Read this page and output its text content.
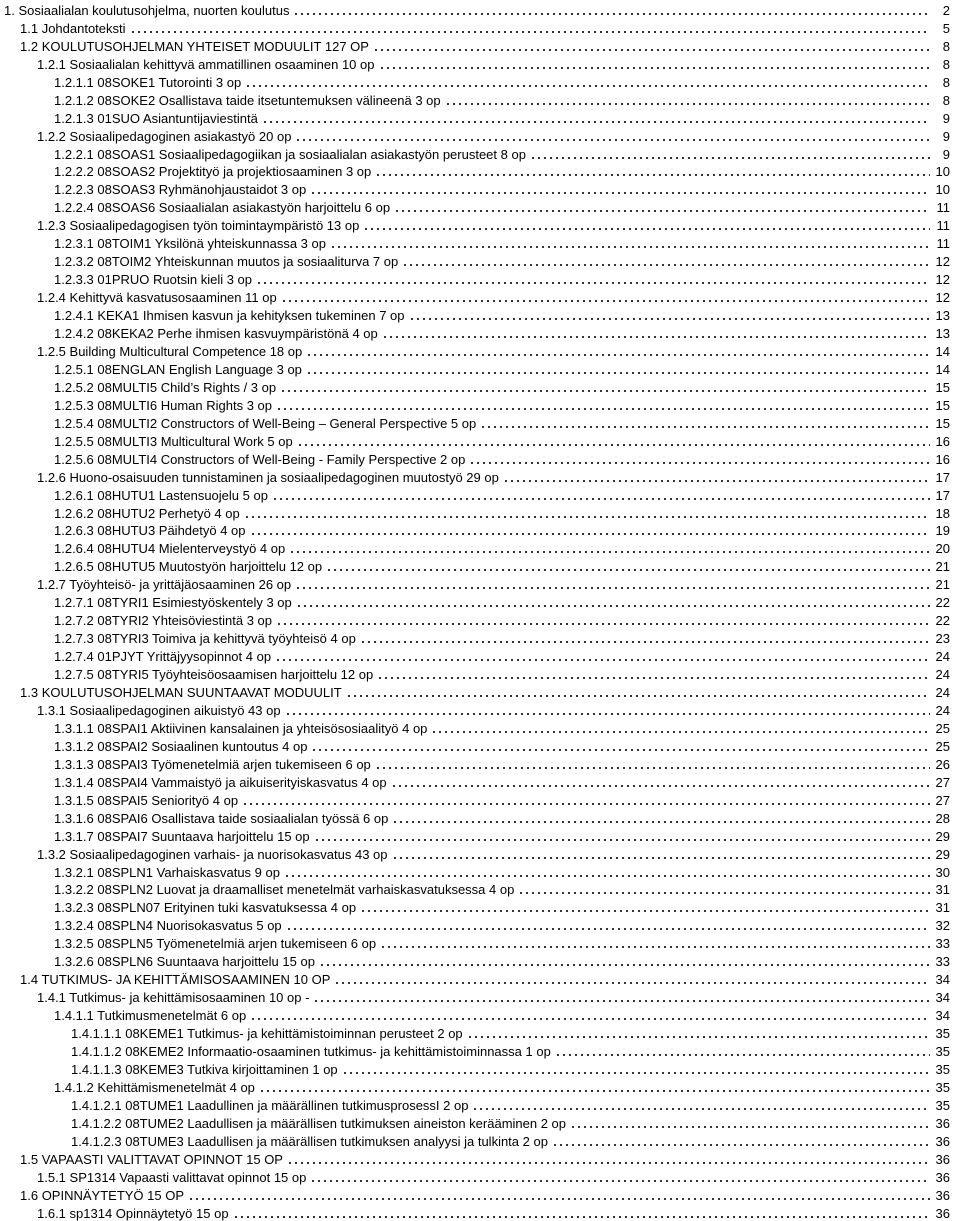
1. Sosiaalialan koulutusohjelma, nuorten koulutus	2
1.1 Johdantoteksti	5
1.2 KOULUTUSOHJELMAN YHTEISET MODUULIT 127 OP	8
1.2.1 Sosiaalialan kehittyvä ammatillinen osaaminen 10 op	8
1.2.1.1 08SOKE1 Tutorointi 3 op	8
1.2.1.2 08SOKE2 Osallistava taide itsetuntemuksen välineenä 3 op	8
1.2.1.3 01SUO Asiantuntijaviestintä	9
1.2.2 Sosiaalipedagoginen asiakastyö 20 op	9
1.2.2.1 08SOAS1 Sosiaalipedagogiikan ja sosiaalialan asiakastyön perusteet 8 op	9
1.2.2.2 08SOAS2 Projektityö ja projektiosaaminen 3 op	10
1.2.2.3 08SOAS3 Ryhmänohjaustaidot 3 op	10
1.2.2.4 08SOAS6 Sosiaalialan asiakastyön harjoittelu 6 op	11
1.2.3 Sosiaalipedagogisen työn toimintaympäristö 13 op	11
1.2.3.1 08TOIM1 Yksilönä yhteiskunnassa 3 op	11
1.2.3.2 08TOIM2 Yhteiskunnan muutos ja sosiaaliturva 7 op	12
1.2.3.3 01PRUO Ruotsin kieli 3 op	12
1.2.4 Kehittyvä kasvatusosaaminen 11 op	12
1.2.4.1 KEKA1 Ihmisen kasvun ja kehityksen tukeminen 7 op	13
1.2.4.2 08KEKA2 Perhe ihmisen kasvuympäristönä 4 op	13
1.2.5 Building Multicultural Competence 18 op	14
1.2.5.1 08ENGLAN English Language 3 op	14
1.2.5.2 08MULTI5 Child’s Rights / 3 op	15
1.2.5.3 08MULTI6 Human Rights 3 op	15
1.2.5.4 08MULTI2 Constructors of Well-Being – General Perspective 5 op	15
1.2.5.5 08MULTI3 Multicultural Work 5 op	16
1.2.5.6 08MULTI4 Constructors of Well-Being - Family Perspective 2 op	16
1.2.6 Huono-osaisuuden tunnistaminen ja sosiaalipedagoginen muutostyö 29 op	17
1.2.6.1 08HUTU1 Lastensuojelu 5 op	17
1.2.6.2 08HUTU2 Perhetyö 4 op	18
1.2.6.3 08HUTU3 Päihdetyö 4 op	19
1.2.6.4 08HUTU4 Mielenterveystyö 4 op	20
1.2.6.5 08HUTU5 Muutostyön harjoittelu 12 op	21
1.2.7 Työyhteisö- ja yrittäjäosaaminen 26 op	21
1.2.7.1 08TYRI1 Esimiestyöskentely 3 op	22
1.2.7.2 08TYRI2 Yhteisöviestintä 3 op	22
1.2.7.3 08TYRI3 Toimiva ja kehittyvä työyhteisö 4 op	23
1.2.7.4 01PJYT Yrittäjyysopinnot 4 op	24
1.2.7.5 08TYRI5 Työyhteisöosaamisen harjoittelu 12 op	24
1.3 KOULUTUSOHJELMAN SUUNTAAVAT MODUULIT	24
1.3.1 Sosiaalipedagoginen aikuistyö 43 op	24
1.3.1.1 08SPAI1 Aktiivinen kansalainen ja yhteisösosiaalityö 4 op	25
1.3.1.2 08SPAI2 Sosiaalinen kuntoutus 4 op	25
1.3.1.3 08SPAI3 Työmenetelmiä arjen tukemiseen 6 op	26
1.3.1.4 08SPAI4 Vammaistyö ja aikuiserityiskasvatus 4 op	27
1.3.1.5 08SPAI5 Seniorityö 4 op	27
1.3.1.6 08SPAI6 Osallistava taide sosiaalialan työssä 6 op	28
1.3.1.7 08SPAI7 Suuntaava harjoittelu 15 op	29
1.3.2 Sosiaalipedagoginen varhais- ja nuorisokasvatus 43 op	29
1.3.2.1 08SPLN1 Varhaiskasvatus 9 op	30
1.3.2.2 08SPLN2 Luovat ja draamalliset menetelmät varhaiskasvatuksessa 4 op	31
1.3.2.3 08SPLN07 Erityinen tuki kasvatuksessa 4 op	31
1.3.2.4 08SPLN4 Nuorisokasvatus 5 op	32
1.3.2.5 08SPLN5 Työmenetelmiä arjen tukemiseen 6 op	33
1.3.2.6 08SPLN6 Suuntaava harjoittelu 15 op	33
1.4 TUTKIMUS- JA KEHITTÄMISOSAAMINEN 10 OP	34
1.4.1 Tutkimus- ja kehittämisosaaminen 10 op -	34
1.4.1.1 Tutkimusmenetelmät 6 op	34
1.4.1.1.1 08KEME1 Tutkimus- ja kehittämistoiminnan perusteet 2 op	35
1.4.1.1.2 08KEME2 Informaatio-osaaminen tutkimus- ja kehittämistoiminnassa 1 op	35
1.4.1.1.3 08KEME3 Tutkiva kirjoittaminen 1 op	35
1.4.1.2 Kehittämismenetelmät 4 op	35
1.4.1.2.1 08TUME1 Laadullinen ja määrällinen tutkimusprosessI 2 op	35
1.4.1.2.2 08TUME2 Laadullisen ja määrällisen tutkimuksen aineiston kerääminen 2 op	36
1.4.1.2.3 08TUME3 Laadullisen ja määrällisen tutkimuksen analyysi ja tulkinta 2 op	36
1.5 VAPAASTI VALITTAVAT OPINNOT 15 OP	36
1.5.1 SP1314 Vapaasti valittavat opinnot 15 op	36
1.6 OPINNÄYTETYÖ 15 OP	36
1.6.1 sp1314 Opinnäytetyö 15 op	36
